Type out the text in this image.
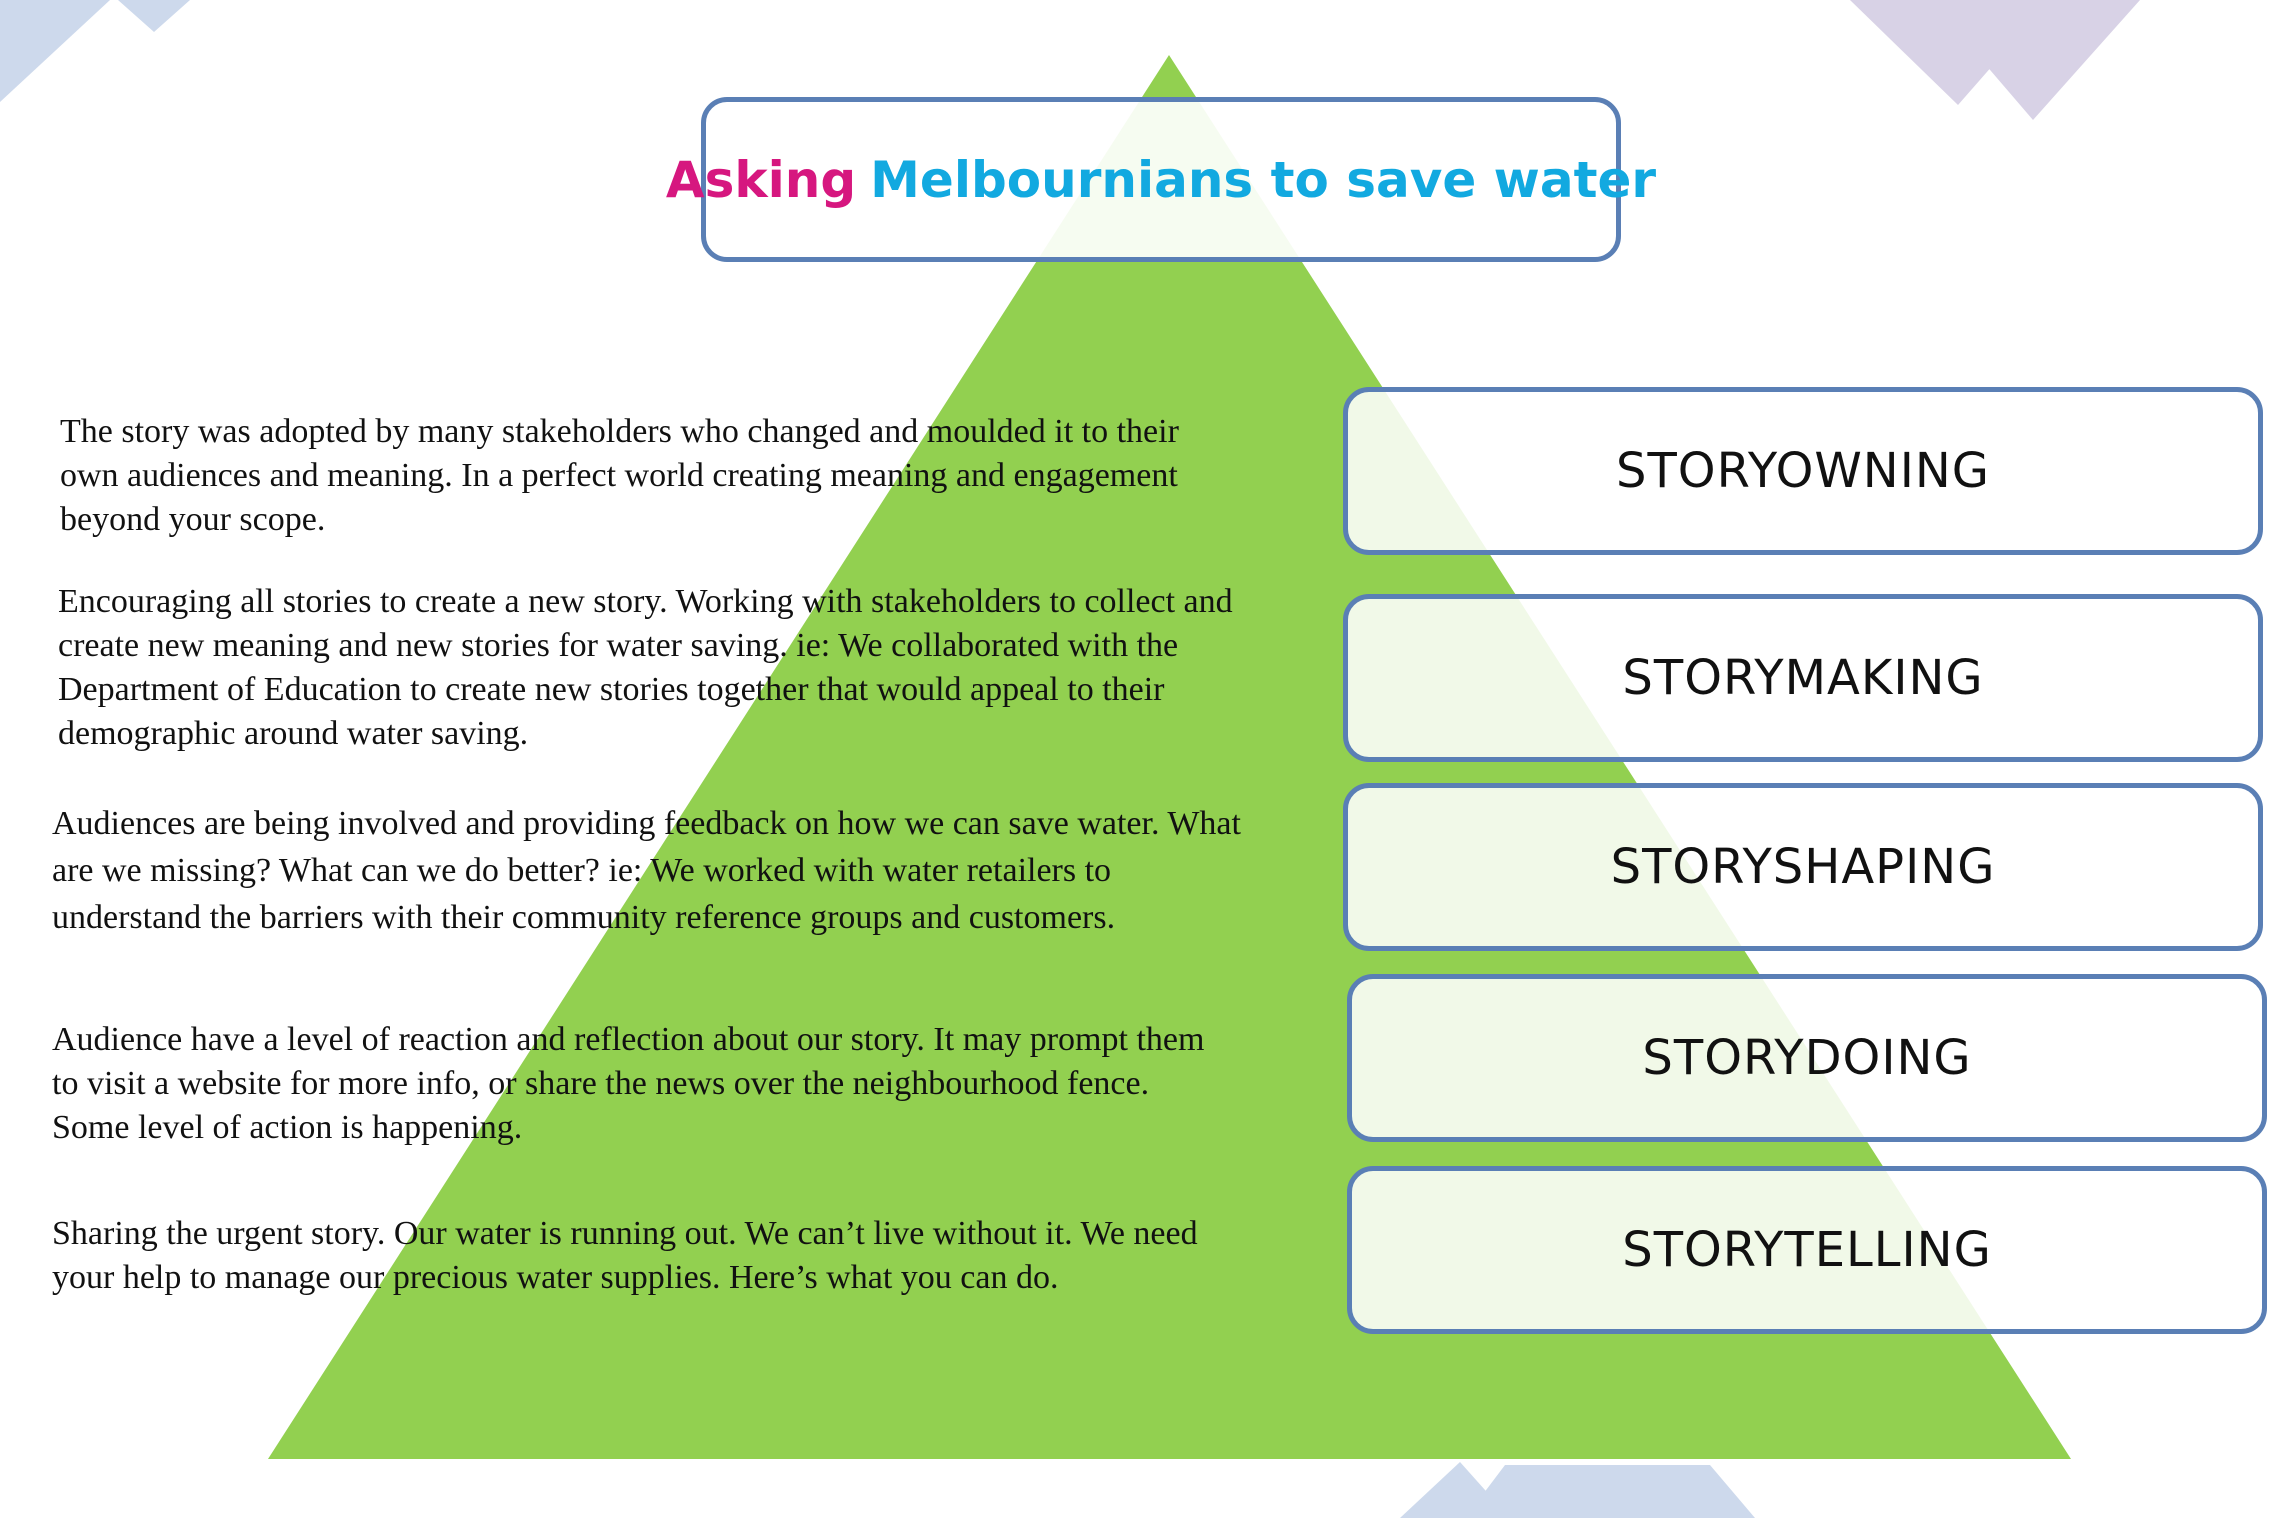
Asking Melbournians to save water

The story was adopted by many stakeholders who changed and moulded it to their own audiences and meaning. In a perfect world creating meaning and engagement beyond your scope.

Encouraging all stories to create a new story. Working with stakeholders to collect and create new meaning and new stories for water saving. ie: We collaborated with the Department of Education to create new stories together that would appeal to their demographic around water saving.

Audiences are being involved and providing feedback on how we can save water. What are we missing? What can we do better? ie: We worked with water retailers to understand the barriers with their community reference groups and customers.

Audience have a level of reaction and reflection about our story. It may prompt them to visit a website for more info, or share the news over the neighbourhood fence. Some level of action is happening.

Sharing the urgent story. Our water is running out. We can’t live without it. We need your help to manage our precious water supplies. Here’s what you can do.

STORYOWNING
STORYMAKING
STORYSHAPING
STORYDOING
STORYTELLING
